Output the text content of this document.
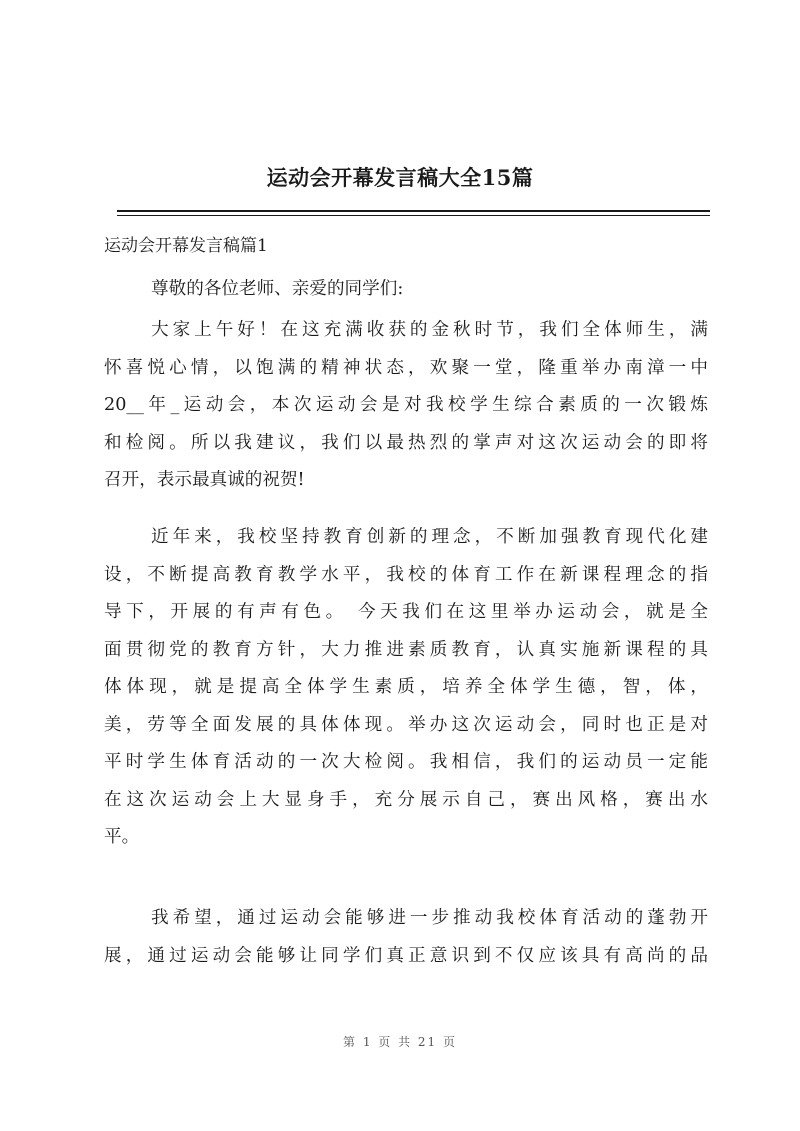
运动会开幕发言稿大全15篇
运动会开幕发言稿篇1
尊敬的各位老师、亲爱的同学们:
大家上午好！在这充满收获的金秋时节，我们全体师生，满
怀喜悦心情，以饱满的精神状态，欢聚一堂，隆重举办南漳一中
20__年_运动会，本次运动会是对我校学生综合素质的一次锻炼
和检阅。所以我建议，我们以最热烈的掌声对这次运动会的即将
召开，表示最真诚的祝贺!
近年来，我校坚持教育创新的理念，不断加强教育现代化建
设，不断提高教育教学水平，我校的体育工作在新课程理念的指
导下，开展的有声有色。 今天我们在这里举办运动会，就是全
面贯彻党的教育方针，大力推进素质教育，认真实施新课程的具
体体现，就是提高全体学生素质，培养全体学生德，智，体，
美，劳等全面发展的具体体现。举办这次运动会，同时也正是对
平时学生体育活动的一次大检阅。我相信，我们的运动员一定能
在这次运动会上大显身手，充分展示自己，赛出风格，赛出水
平。
我希望，通过运动会能够进一步推动我校体育活动的蓬勃开
展，通过运动会能够让同学们真正意识到不仅应该具有高尚的品
第 1 页 共 21 页
